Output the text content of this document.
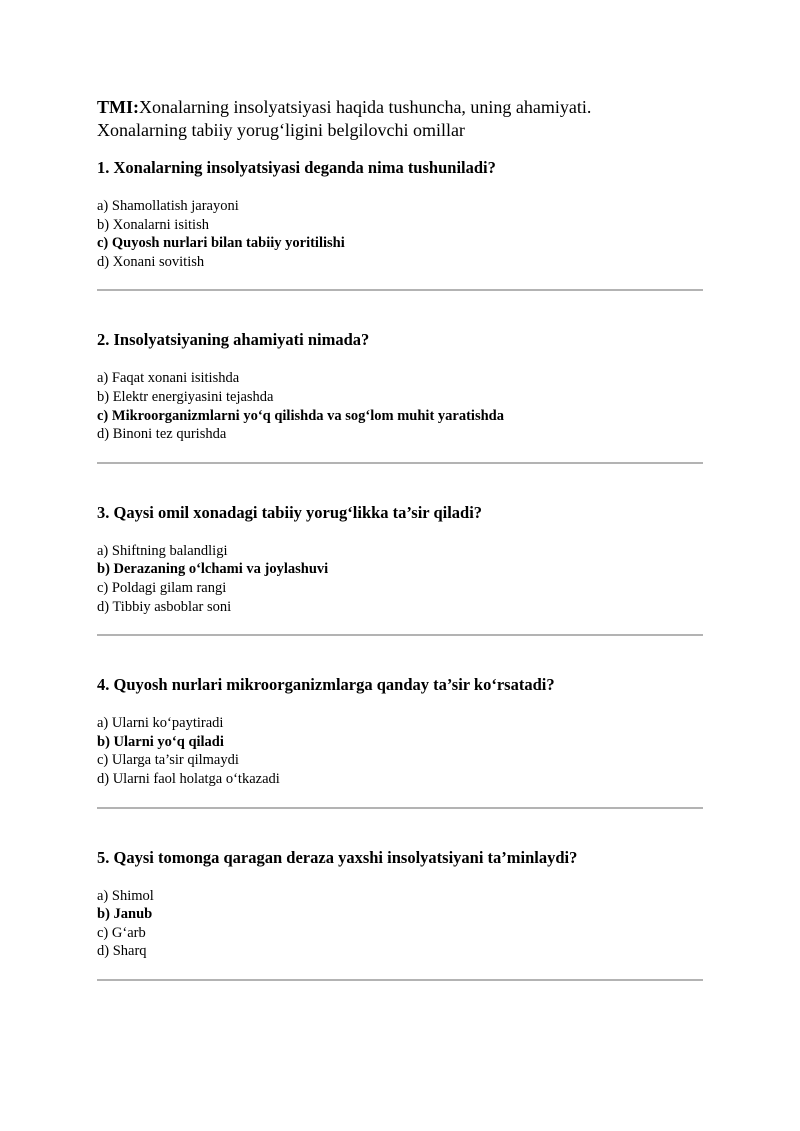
TMI:Xonalarning insolyatsiyasi haqida tushuncha, uning ahamiyati.
Xonalarning tabiiy yorug‘ligini belgilovchi omillar

1. Xonalarning insolyatsiyasi deganda nima tushuniladi?

a) Shamollatish jarayoni
b) Xonalarni isitish
c) Quyosh nurlari bilan tabiiy yoritilishi
d) Xonani sovitish

2. Insolyatsiyaning ahamiyati nimada?

a) Faqat xonani isitishda
b) Elektr energiyasini tejashda
c) Mikroorganizmlarni yo‘q qilishda va sog‘lom muhit yaratishda
d) Binoni tez qurishda

3. Qaysi omil xonadagi tabiiy yorug‘likka ta’sir qiladi?

a) Shiftning balandligi
b) Derazaning o‘lchami va joylashuvi
c) Poldagi gilam rangi
d) Tibbiy asboblar soni

4. Quyosh nurlari mikroorganizmlarga qanday ta’sir ko‘rsatadi?

a) Ularni ko‘paytiradi
b) Ularni yo‘q qiladi
c) Ularga ta’sir qilmaydi
d) Ularni faol holatga o‘tkazadi

5. Qaysi tomonga qaragan deraza yaxshi insolyatsiyani ta’minlaydi?

a) Shimol
b) Janub
c) G‘arb
d) Sharq
